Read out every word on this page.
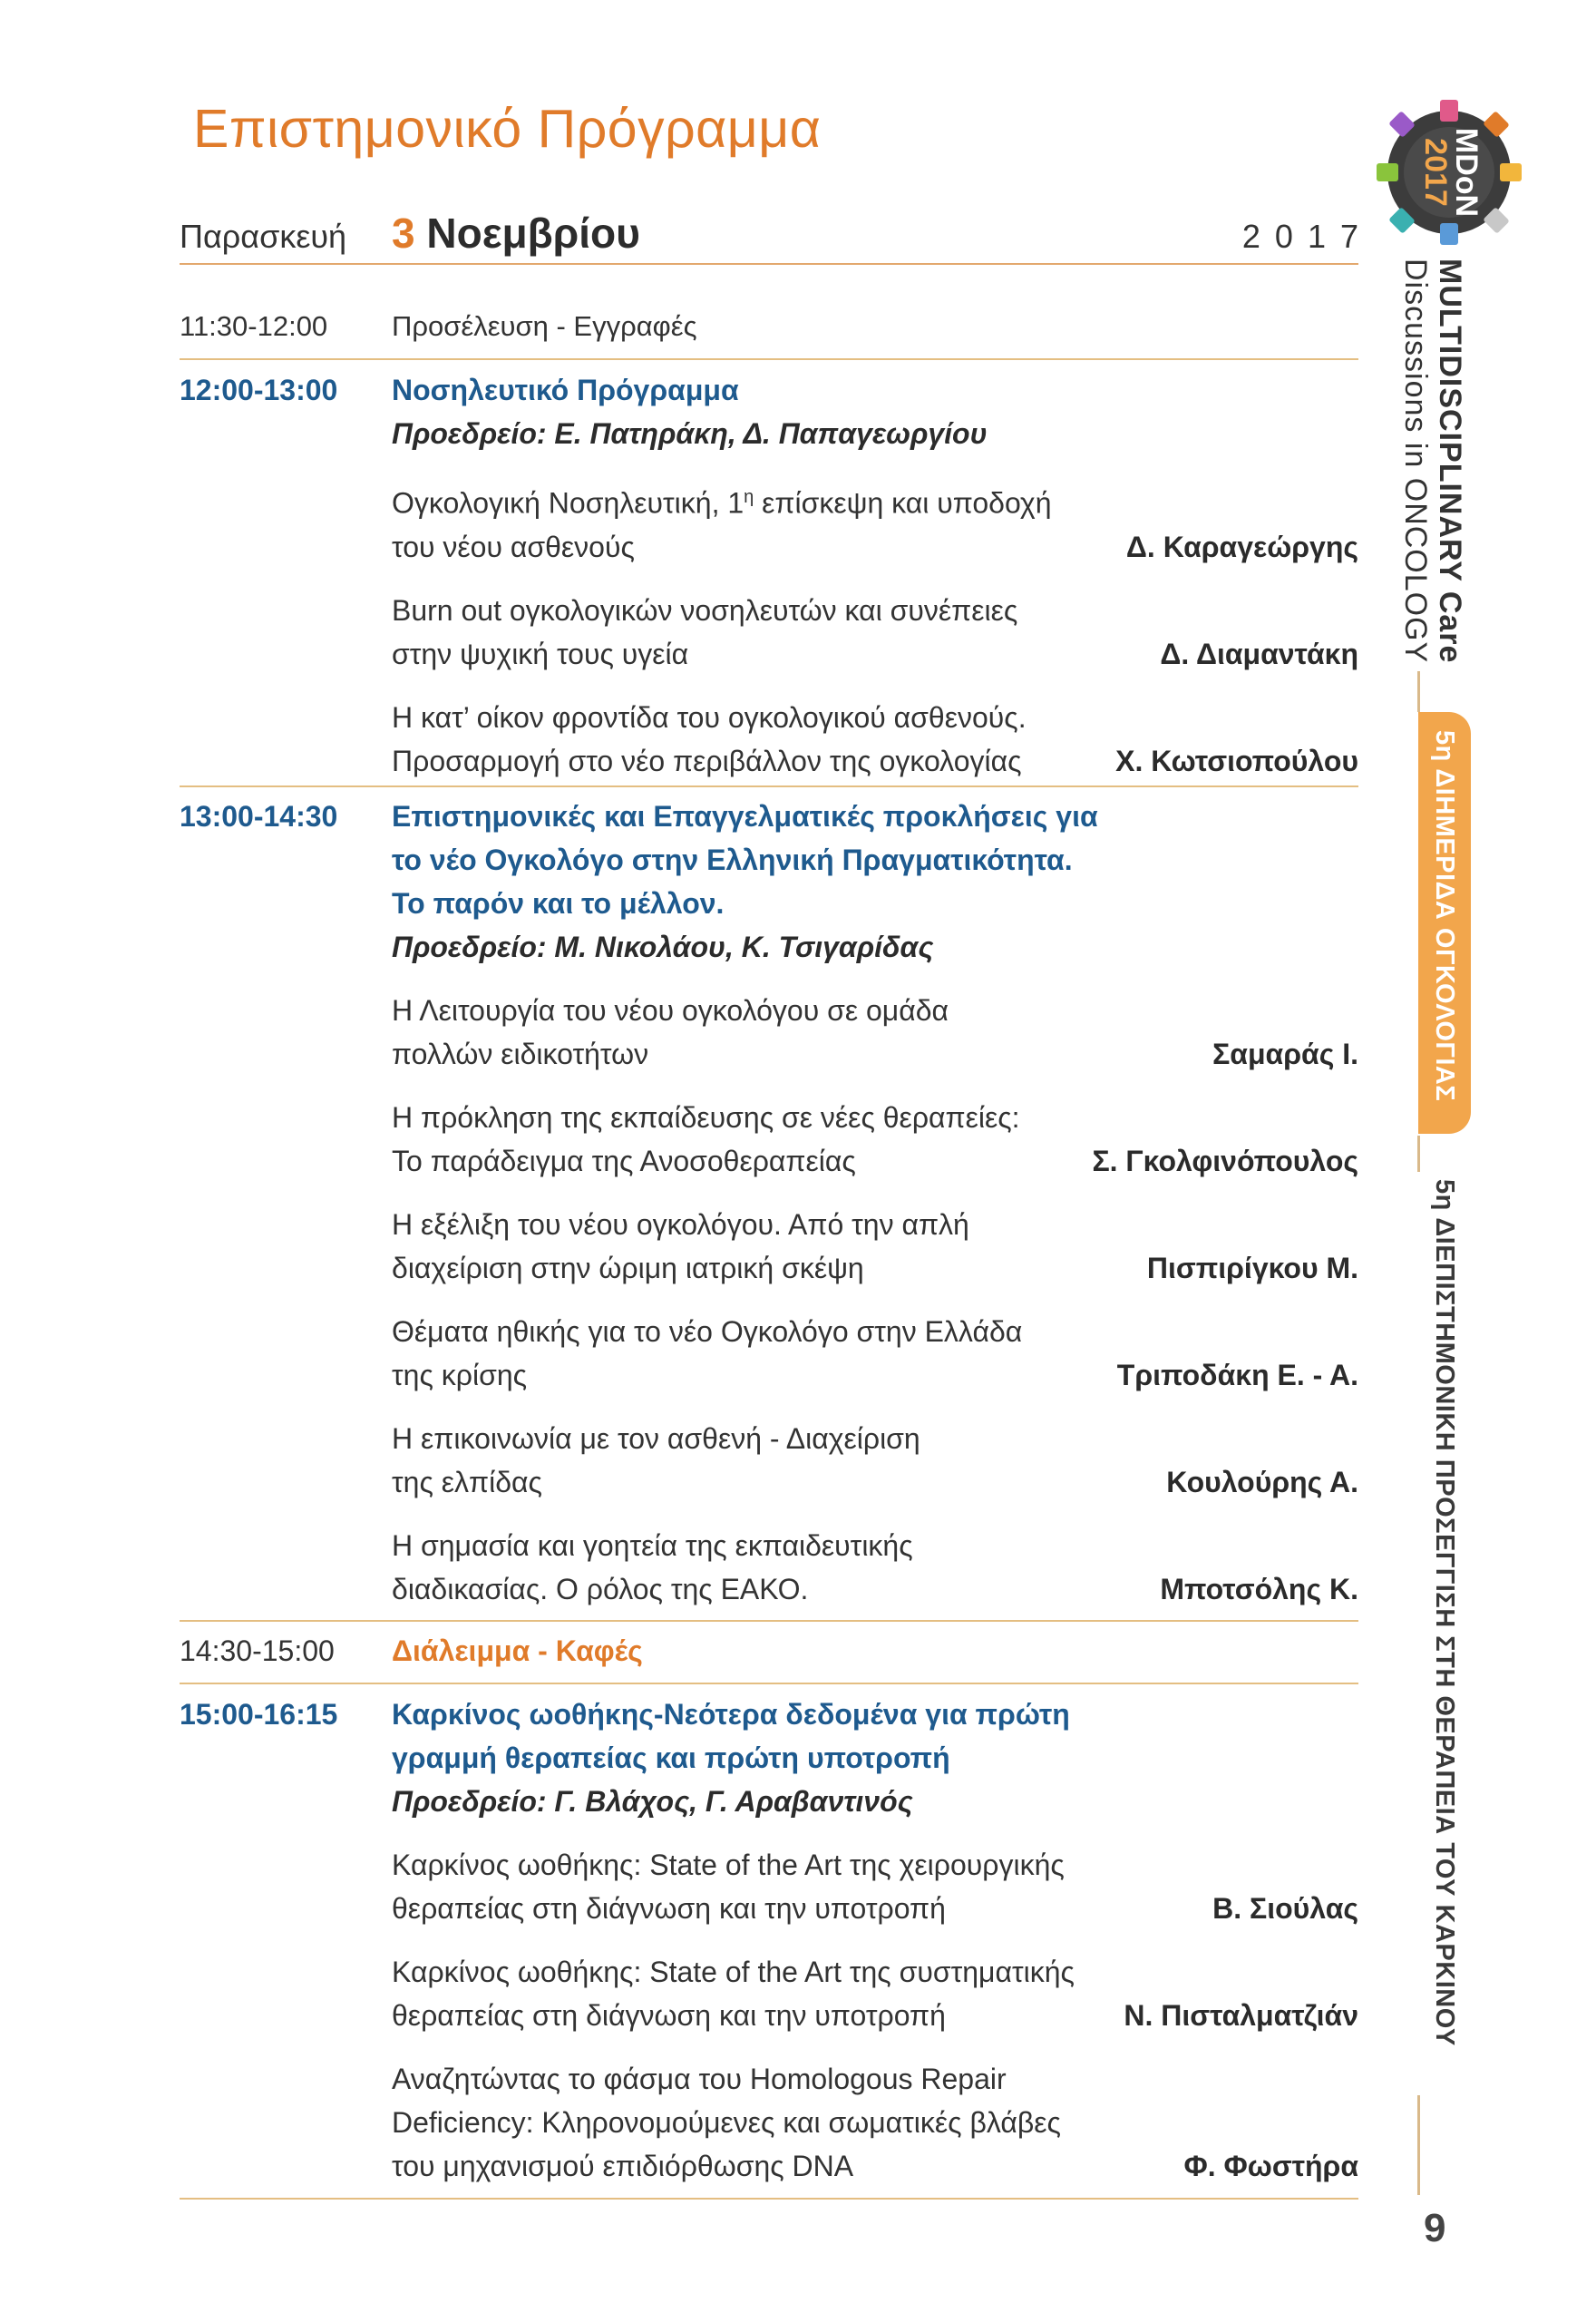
Επιστημονικό Πρόγραμμα
Παρασκευή 3 Νοεμβρίου	2017
11:30-12:00 Προσέλευση - Εγγραφές
12:00-13:00 Νοσηλευτικό Πρόγραμμα
Προεδρείο: Ε. Πατηράκη, Δ. Παπαγεωργίου
Ογκολογική Νοσηλευτική, $1^\eta$ επίσκεψη και υποδοχή
του νέου ασθενούς	Δ. Καραγεώργης
Burn out ογκολογικών νοσηλευτών και συνέπειες
στην ψυχική τους υγεία	Δ. Διαμαντάκη
Η κατ’ οίκον φροντίδα του ογκολογικού ασθενούς.
Προσαρμογή στο νέο περιβάλλον της ογκολογίας	Χ. Κωτσιοπούλου
13:00-14:30 Επιστημονικές και Επαγγελματικές προκλήσεις για
το νέο Ογκολόγο στην Ελληνική Πραγματικότητα.
Το παρόν και το μέλλον.
Προεδρείο: Μ. Νικολάου, Κ. Τσιγαρίδας
Η Λειτουργία του νέου ογκολόγου σε ομάδα
πολλών ειδικοτήτων	Σαμαράς Ι.
Η πρόκληση της εκπαίδευσης σε νέες θεραπείες:
Το παράδειγμα της Ανοσοθεραπείας	Σ. Γκολφινόπουλος
Η εξέλιξη του νέου ογκολόγου. Από την απλή
διαχείριση στην ώριμη ιατρική σκέψη	Πισπιρίγκου Μ.
Θέματα ηθικής για το νέο Ογκολόγο στην Ελλάδα
της κρίσης	Τριποδάκη Ε. - Α.
Η επικοινωνία με τον ασθενή - Διαχείριση
της ελπίδας	Κουλούρης Α.
Η σημασία και γοητεία της εκπαιδευτικής
διαδικασίας. Ο ρόλος της ΕΑΚΟ.	Μποτσόλης Κ.
14:30-15:00 Διάλειμμα - Καφές
15:00-16:15 Καρκίνος ωοθήκης-Νεότερα δεδομένα για πρώτη
γραμμή θεραπείας και πρώτη υποτροπή
Προεδρείο: Γ. Βλάχος, Γ. Αραβαντινός
Καρκίνος ωοθήκης: State of the Art της χειρουργικής
θεραπείας στη διάγνωση και την υποτροπή	Β. Σιούλας
Καρκίνος ωοθήκης: State of the Art της συστηματικής
θεραπείας στη διάγνωση και την υποτροπή	Ν. Πισταλματζιάν
Αναζητώντας το φάσμα του Homologous Repair
Deficiency: Κληρονομούμενες και σωματικές βλάβες
του μηχανισμού επιδιόρθωσης DNA	Φ. Φωστήρα
MDoN
2017
MULTIDISCIPLINARY Care
Discussions in ONCOLOGY
5η ΔΙΗΜΕΡΙΔΑ ΟΓΚΟΛΟΓΙΑΣ
5η ΔΙΕΠΙΣΤΗΜΟΝΙΚΗ ΠΡΟΣΕΓΓΙΣΗ ΣΤΗ ΘΕΡΑΠΕΙΑ ΤΟΥ ΚΑΡΚΙΝΟΥ
9
